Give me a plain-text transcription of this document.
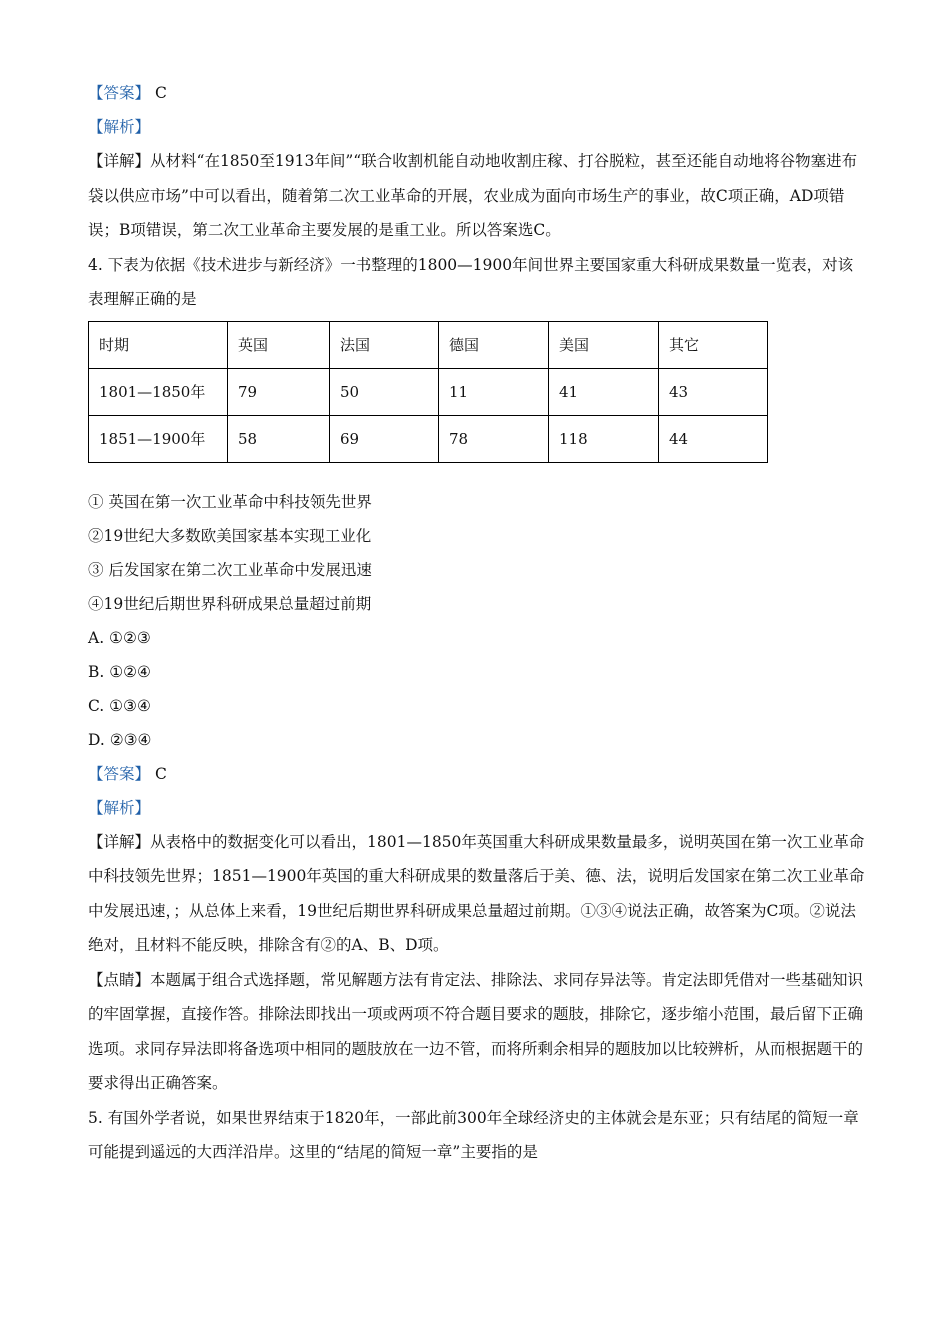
【答案】 C
【解析】
【详解】从材料“在1850至1913年间”“联合收割机能自动地收割庄稼、打谷脱粒，甚至还能自动地将谷物塞进布袋以供应市场”中可以看出，随着第二次工业革命的开展，农业成为面向市场生产的事业，故C项正确，AD项错误；B项错误，第二次工业革命主要发展的是重工业。所以答案选C。
4. 下表为依据《技术进步与新经济》一书整理的1800—1900年间世界主要国家重大科研成果数量一览表，对该表理解正确的是
时期	英国	法国	德国	美国	其它
1801—1850年	79	50	11	41	43
1851—1900年	58	69	78	118	44
① 英国在第一次工业革命中科技领先世界
②19世纪大多数欧美国家基本实现工业化
③ 后发国家在第二次工业革命中发展迅速
④19世纪后期世界科研成果总量超过前期
A. ①②③
B. ①②④
C. ①③④
D. ②③④
【答案】 C
【解析】
【详解】从表格中的数据变化可以看出，1801—1850年英国重大科研成果数量最多，说明英国在第一次工业革命中科技领先世界；1851—1900年英国的重大科研成果的数量落后于美、德、法，说明后发国家在第二次工业革命中发展迅速，；从总体上来看，19世纪后期世界科研成果总量超过前期。①③④说法正确，故答案为C项。②说法绝对，且材料不能反映，排除含有②的A、B、D项。
【点睛】本题属于组合式选择题，常见解题方法有肯定法、排除法、求同存异法等。肯定法即凭借对一些基础知识的牢固掌握，直接作答。排除法即找出一项或两项不符合题目要求的题肢，排除它，逐步缩小范围，最后留下正确选项。求同存异法即将备选项中相同的题肢放在一边不管，而将所剩余相异的题肢加以比较辨析，从而根据题干的要求得出正确答案。
5. 有国外学者说，如果世界结束于1820年，一部此前300年全球经济史的主体就会是东亚；只有结尾的简短一章可能提到遥远的大西洋沿岸。这里的“结尾的简短一章”主要指的是
